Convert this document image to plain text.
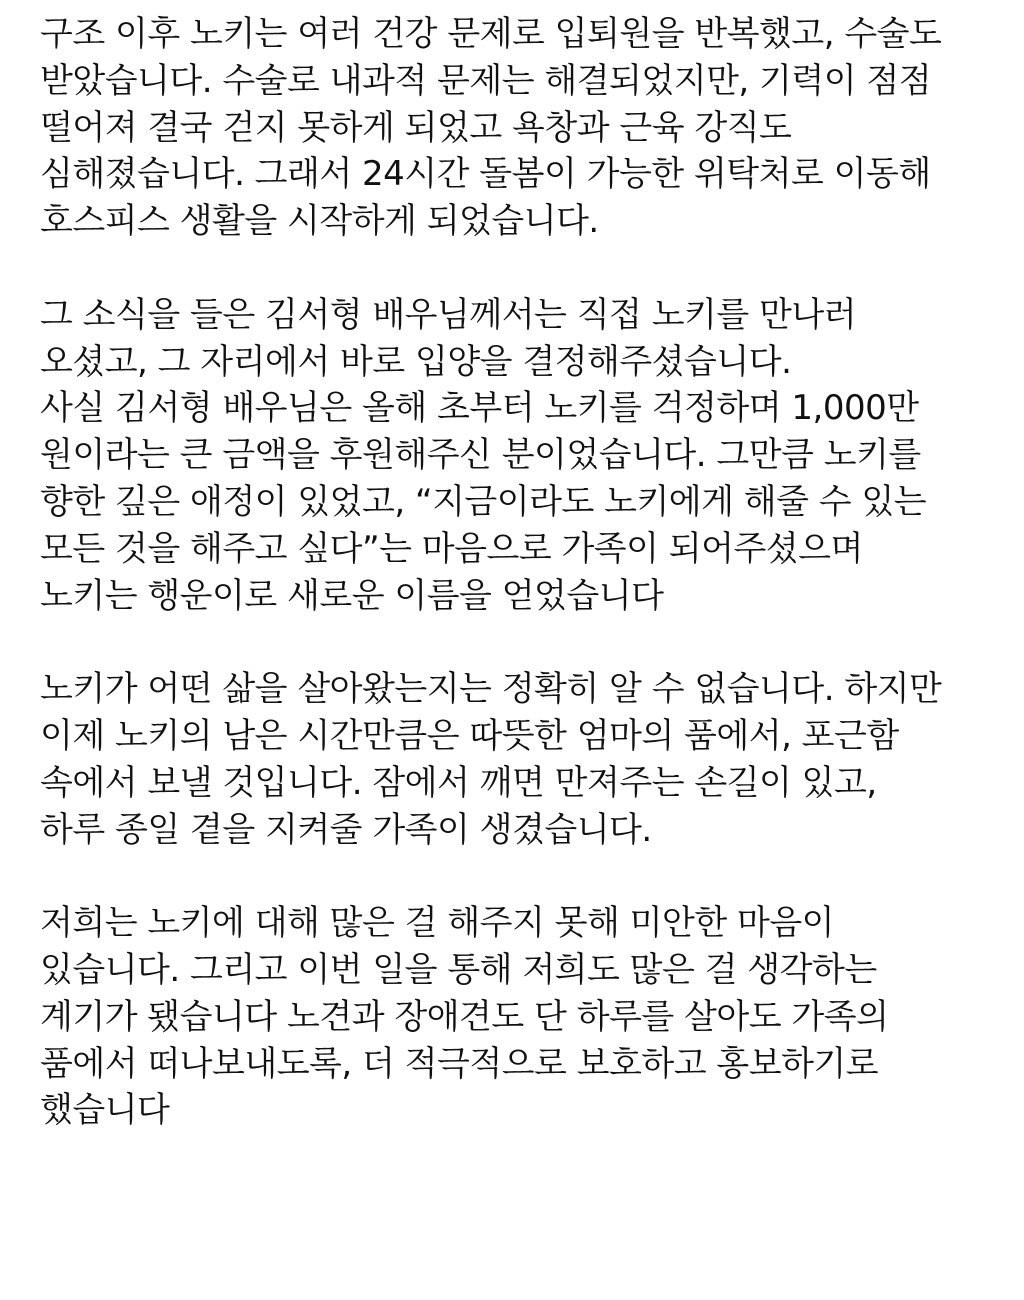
구조 이후 노키는 여러 건강 문제로 입퇴원을 반복했고, 수술도
받았습니다. 수술로 내과적 문제는 해결되었지만, 기력이 점점
떨어져 결국 걷지 못하게 되었고 욕창과 근육 강직도
심해졌습니다. 그래서 24시간 돌봄이 가능한 위탁처로 이동해
호스피스 생활을 시작하게 되었습니다.

그 소식을 들은 김서형 배우님께서는 직접 노키를 만나러
오셨고, 그 자리에서 바로 입양을 결정해주셨습니다.
사실 김서형 배우님은 올해 초부터 노키를 걱정하며 1,000만
원이라는 큰 금액을 후원해주신 분이었습니다. 그만큼 노키를
향한 깊은 애정이 있었고, “지금이라도 노키에게 해줄 수 있는
모든 것을 해주고 싶다”는 마음으로 가족이 되어주셨으며
노키는 행운이로 새로운 이름을 얻었습니다

노키가 어떤 삶을 살아왔는지는 정확히 알 수 없습니다. 하지만
이제 노키의 남은 시간만큼은 따뜻한 엄마의 품에서, 포근함
속에서 보낼 것입니다. 잠에서 깨면 만져주는 손길이 있고,
하루 종일 곁을 지켜줄 가족이 생겼습니다.

저희는 노키에 대해 많은 걸 해주지 못해 미안한 마음이
있습니다. 그리고 이번 일을 통해 저희도 많은 걸 생각하는
계기가 됐습니다 노견과 장애견도 단 하루를 살아도 가족의
품에서 떠나보내도록, 더 적극적으로 보호하고 홍보하기로
했습니다
